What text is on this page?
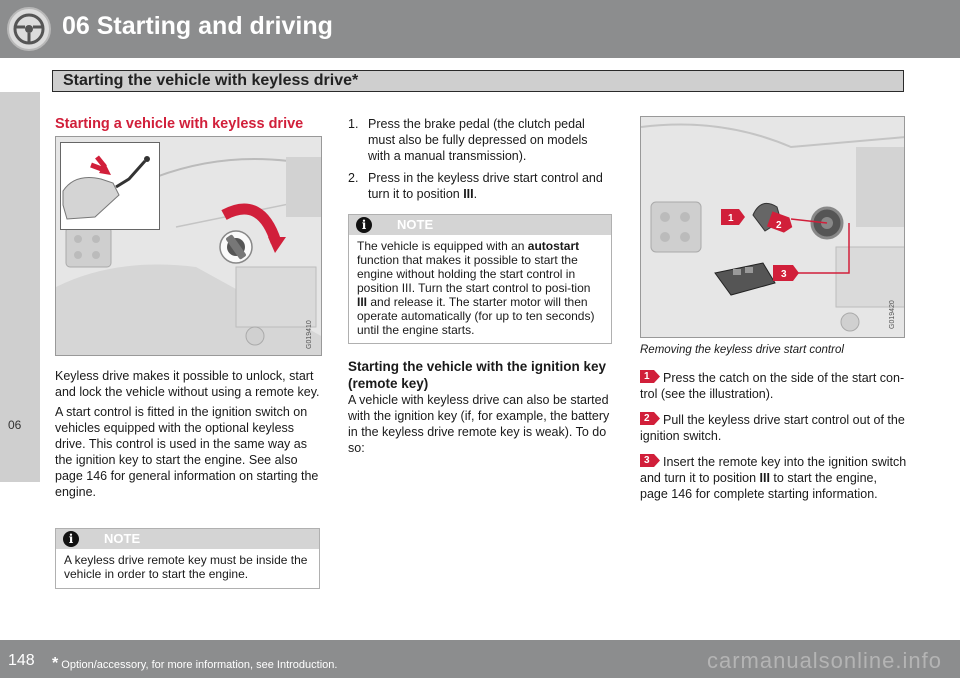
06 Starting and driving
Starting the vehicle with keyless drive*
06
Starting a vehicle with keyless drive
G019410

Keyless drive makes it possible to unlock, start and lock the vehicle without using a remote key.

A start control is fitted in the ignition switch on vehicles equipped with the optional keyless drive. This control is used in the same way as the ignition key to start the engine. See also page 146 for general information on starting the engine.

i	NOTE
A keyless drive remote key must be inside the vehicle in order to start the engine.
1. Press the brake pedal (the clutch pedal must also be fully depressed on models with a manual transmission).
2. Press in the keyless drive start control and turn it to position III.
i	NOTE
The vehicle is equipped with an autostart function that makes it possible to start the engine without holding the start control in position III. Turn the start control to posi-tion III and release it. The starter motor will then operate automatically (for up to ten seconds) until the engine starts.
Starting the vehicle with the ignition key (remote key)

A vehicle with keyless drive can also be started with the ignition key (if, for example, the battery in the keyless drive remote key is weak). To do so:

1
2
3
G019420
Removing the keyless drive start control

1 Press the catch on the side of the start con-trol (see the illustration).

2 Pull the keyless drive start control out of the ignition switch.

3 Insert the remote key into the ignition switch and turn it to position III to start the engine, page 146 for complete starting information.

148 * Option/accessory, for more information, see Introduction.	carmanualsonline.info
